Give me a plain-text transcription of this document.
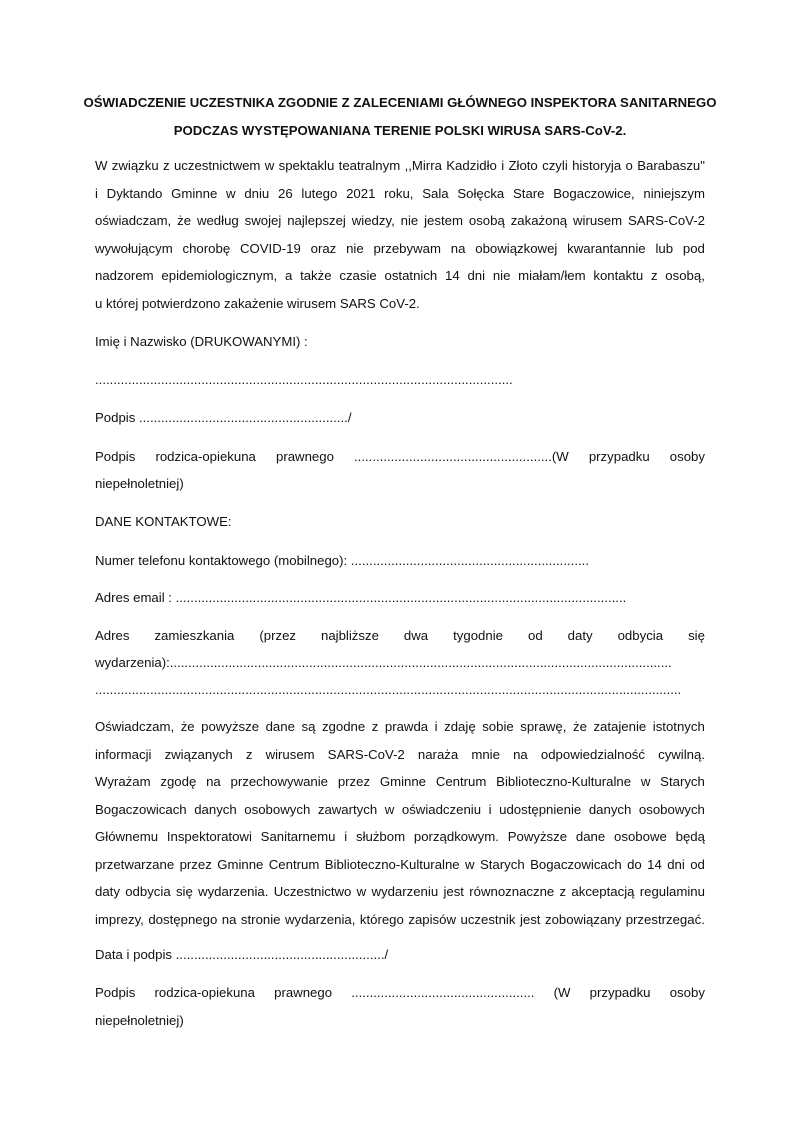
OŚWIADCZENIE UCZESTNIKA ZGODNIE Z ZALECENIAMI GŁÓWNEGO INSPEKTORA SANITARNEGO
PODCZAS WYSTĘPOWANIANA TERENIE POLSKI WIRUSA SARS-CoV-2.
W związku z uczestnictwem w spektaklu teatralnym ,,Mirra Kadzidło i Złoto czyli historyja o Barabaszu"
i Dyktando Gminne w dniu 26 lutego 2021 roku, Sala Sołęcka Stare Bogaczowice, niniejszym
oświadczam, że według swojej najlepszej wiedzy, nie jestem osobą zakażoną wirusem SARS-CoV-2
wywołującym chorobę COVID-19 oraz nie przebywam na obowiązkowej kwarantannie lub pod
nadzorem epidemiologicznym, a także czasie ostatnich 14 dni nie miałam/łem kontaktu z osobą,
u której potwierdzono zakażenie wirusem SARS CoV-2.
Imię i Nazwisko (DRUKOWANYMI) :
..................................................................................................................
Podpis ........................................................./
Podpis rodzica-opiekuna prawnego ......................................................(W przypadku osoby
niepełnoletniej)
DANE KONTAKTOWE:
Numer telefonu kontaktowego (mobilnego): .................................................................
Adres email : ...........................................................................................................................
Adres zamieszkania (przez najbliższe dwa tygodnie od daty odbycia się
wydarzenia):.........................................................................................................................................
................................................................................................................................................................
Oświadczam, że powyższe dane są zgodne z prawda i zdaję sobie sprawę, że zatajenie istotnych
informacji związanych z wirusem SARS-CoV-2 naraża mnie na odpowiedzialność cywilną.
Wyrażam zgodę na przechowywanie przez Gminne Centrum Biblioteczno-Kulturalne w Starych
Bogaczowicach danych osobowych zawartych w oświadczeniu i udostępnienie danych osobowych
Głównemu Inspektoratowi Sanitarnemu i służbom porządkowym. Powyższe dane osobowe będą
przetwarzane przez Gminne Centrum Biblioteczno-Kulturalne w Starych Bogaczowicach do 14 dni od
daty odbycia się wydarzenia. Uczestnictwo w wydarzeniu jest równoznaczne z akceptacją regulaminu
imprezy, dostępnego na stronie wydarzenia, którego zapisów uczestnik jest zobowiązany przestrzegać.
Data i podpis ........................................................./
Podpis rodzica-opiekuna prawnego .................................................. (W przypadku osoby
niepełnoletniej)
